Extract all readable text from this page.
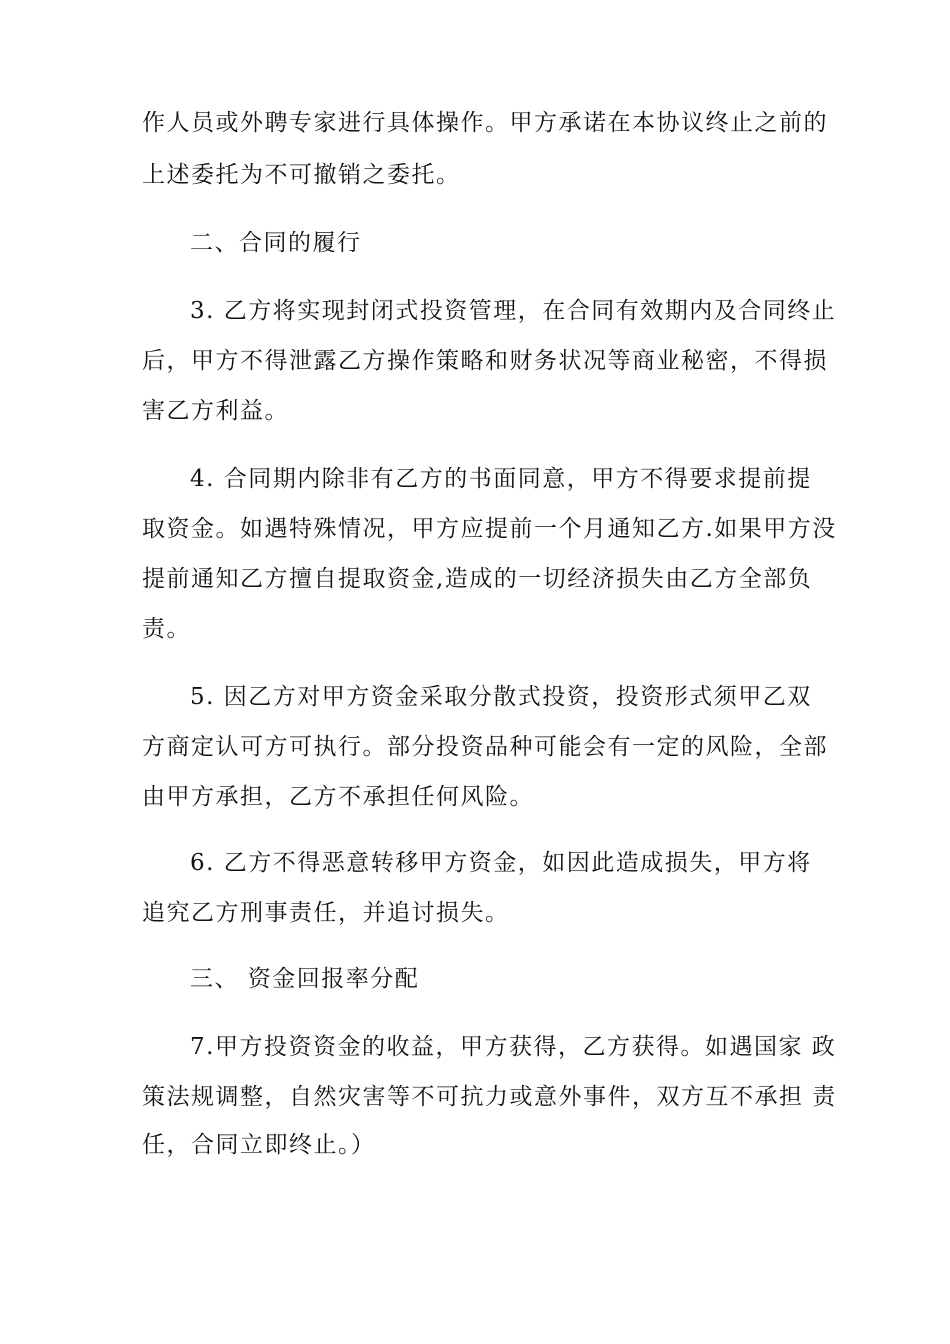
作人员或外聘专家进行具体操作。甲方承诺在本协议终止之前的

上述委托为不可撤销之委托。

二、合同的履行

3. 乙方将实现封闭式投资管理，在合同有效期内及合同终止

后，甲方不得泄露乙方操作策略和财务状况等商业秘密，不得损

害乙方利益。

4. 合同期内除非有乙方的书面同意，甲方不得要求提前提

取资金。如遇特殊情况，甲方应提前一个月通知乙方.如果甲方没

提前通知乙方擅自提取资金,造成的一切经济损失由乙方全部负

责。

5. 因乙方对甲方资金采取分散式投资，投资形式须甲乙双

方商定认可方可执行。部分投资品种可能会有一定的风险，全部

由甲方承担，乙方不承担任何风险。

6. 乙方不得恶意转移甲方资金，如因此造成损失，甲方将

追究乙方刑事责任，并追讨损失。

三、 资金回报率分配

7.甲方投资资金的收益，甲方获得，乙方获得。如遇国家 政

策法规调整，自然灾害等不可抗力或意外事件，双方互不承担 责

任，合同立即终止。）
